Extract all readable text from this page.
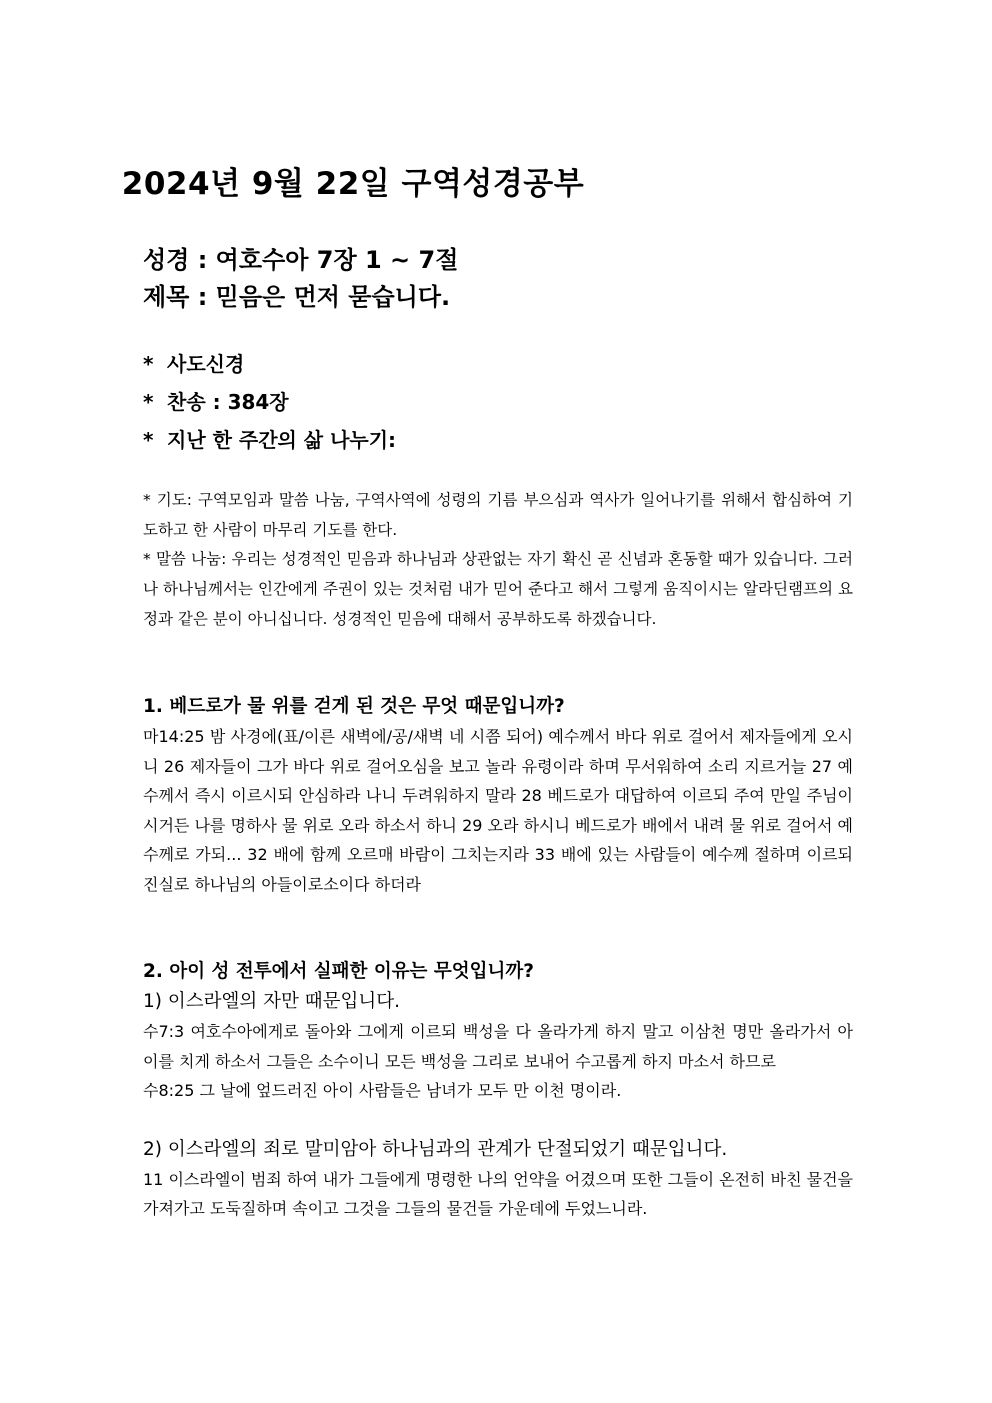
2024년 9월 22일 구역성경공부
성경 : 여호수아 7장 1 ~ 7절
제목 : 믿음은 먼저 묻습니다.
* 사도신경
* 찬송 : 384장
* 지난 한 주간의 삶 나누기:

* 기도: 구역모임과 말씀 나눔, 구역사역에 성령의 기름 부으심과 역사가 일어나기를 위해서 합심하여 기도하고 한 사람이 마무리 기도를 한다.

* 말씀 나눔: 우리는 성경적인 믿음과 하나님과 상관없는 자기 확신 곧 신념과 혼동할 때가 있습니다. 그러나 하나님께서는 인간에게 주권이 있는 것처럼 내가 믿어 준다고 해서 그렇게 움직이시는 알라딘램프의 요정과 같은 분이 아니십니다. 성경적인 믿음에 대해서 공부하도록 하겠습니다.

1. 베드로가 물 위를 걷게 된 것은 무엇 때문입니까?

마14:25 밤 사경에(표/이른 새벽에/공/새벽 네 시쯤 되어) 예수께서 바다 위로 걸어서 제자들에게 오시니 26 제자들이 그가 바다 위로 걸어오심을 보고 놀라 유령이라 하며 무서워하여 소리 지르거늘 27 예수께서 즉시 이르시되 안심하라 나니 두려워하지 말라 28 베드로가 대답하여 이르되 주여 만일 주님이시거든 나를 명하사 물 위로 오라 하소서 하니 29 오라 하시니 베드로가 배에서 내려 물 위로 걸어서 예수께로 가되... 32 배에 함께 오르매 바람이 그치는지라 33 배에 있는 사람들이 예수께 절하며 이르되 진실로 하나님의 아들이로소이다 하더라

2. 아이 성 전투에서 실패한 이유는 무엇입니까?

1) 이스라엘의 자만 때문입니다.

수7:3 여호수아에게로 돌아와 그에게 이르되 백성을 다 올라가게 하지 말고 이삼천 명만 올라가서 아이를 치게 하소서 그들은 소수이니 모든 백성을 그리로 보내어 수고롭게 하지 마소서 하므로

수8:25 그 날에 엎드러진 아이 사람들은 남녀가 모두 만 이천 명이라.

2) 이스라엘의 죄로 말미암아 하나님과의 관계가 단절되었기 때문입니다.

11 이스라엘이 범죄 하여 내가 그들에게 명령한 나의 언약을 어겼으며 또한 그들이 온전히 바친 물건을 가져가고 도둑질하며 속이고 그것을 그들의 물건들 가운데에 두었느니라.
